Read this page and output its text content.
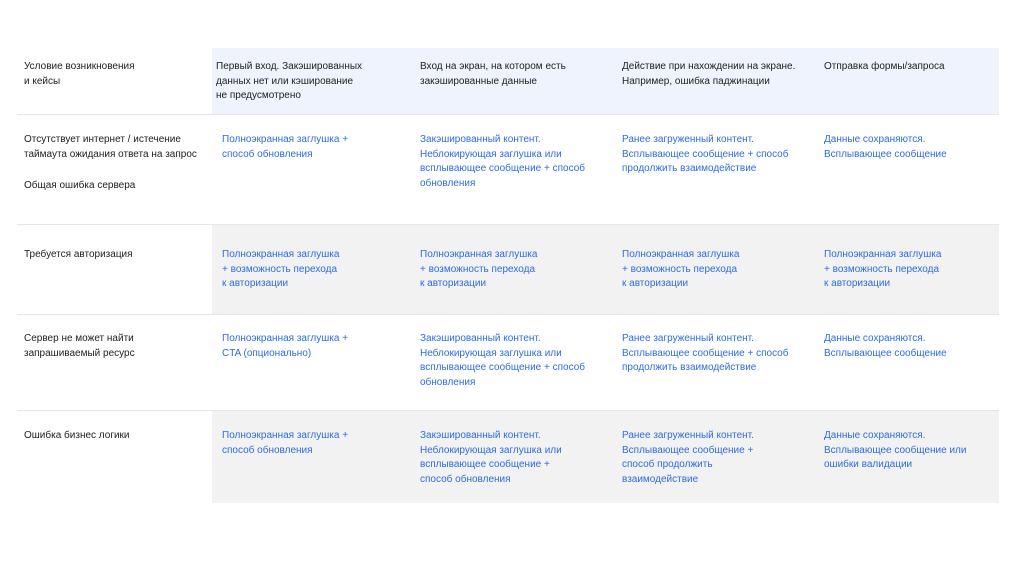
Условие возникновения
и кейсы
Первый вход. Закэшированных
данных нет или кэширование
не предусмотрено
Вход на экран, на котором есть
закэшированные данные
Действие при нахождении на экране.
Например, ошибка паджинации
Отправка формы/запроса
Отсутствует интернет / истечение
таймаута ожидания ответа на запрос
Общая ошибка сервера
Полноэкранная заглушка +
способ обновления
Закэшированный контент.
Неблокирующая заглушка или
всплывающее сообщение + способ
обновления
Ранее загруженный контент.
Всплывающее сообщение + способ
продолжить взаимодействие
Данные сохраняются.
Всплывающее сообщение
Требуется авторизация	Полноэкранная заглушка
+ возможность перехода
к авторизации
Полноэкранная заглушка
+ возможность перехода
к авторизации
Полноэкранная заглушка
+ возможность перехода
к авторизации
Полноэкранная заглушка
+ возможность перехода
к авторизации
Сервер не может найти
запрашиваемый ресурс
Полноэкранная заглушка +
CTA (опционально)
Закэшированный контент.
Неблокирующая заглушка или
всплывающее сообщение + способ
обновления
Ранее загруженный контент.
Всплывающее сообщение + способ
продолжить взаимодействие
Данные сохраняются.
Всплывающее сообщение
Ошибка бизнес логики	Полноэкранная заглушка +
способ обновления
Закэшированный контент.
Неблокирующая заглушка или
всплывающее сообщение +
способ обновления
Ранее загруженный контент.
Всплывающее сообщение +
способ продолжить
взаимодействие
Данные сохраняются.
Всплывающее сообщение или
ошибки валидации
